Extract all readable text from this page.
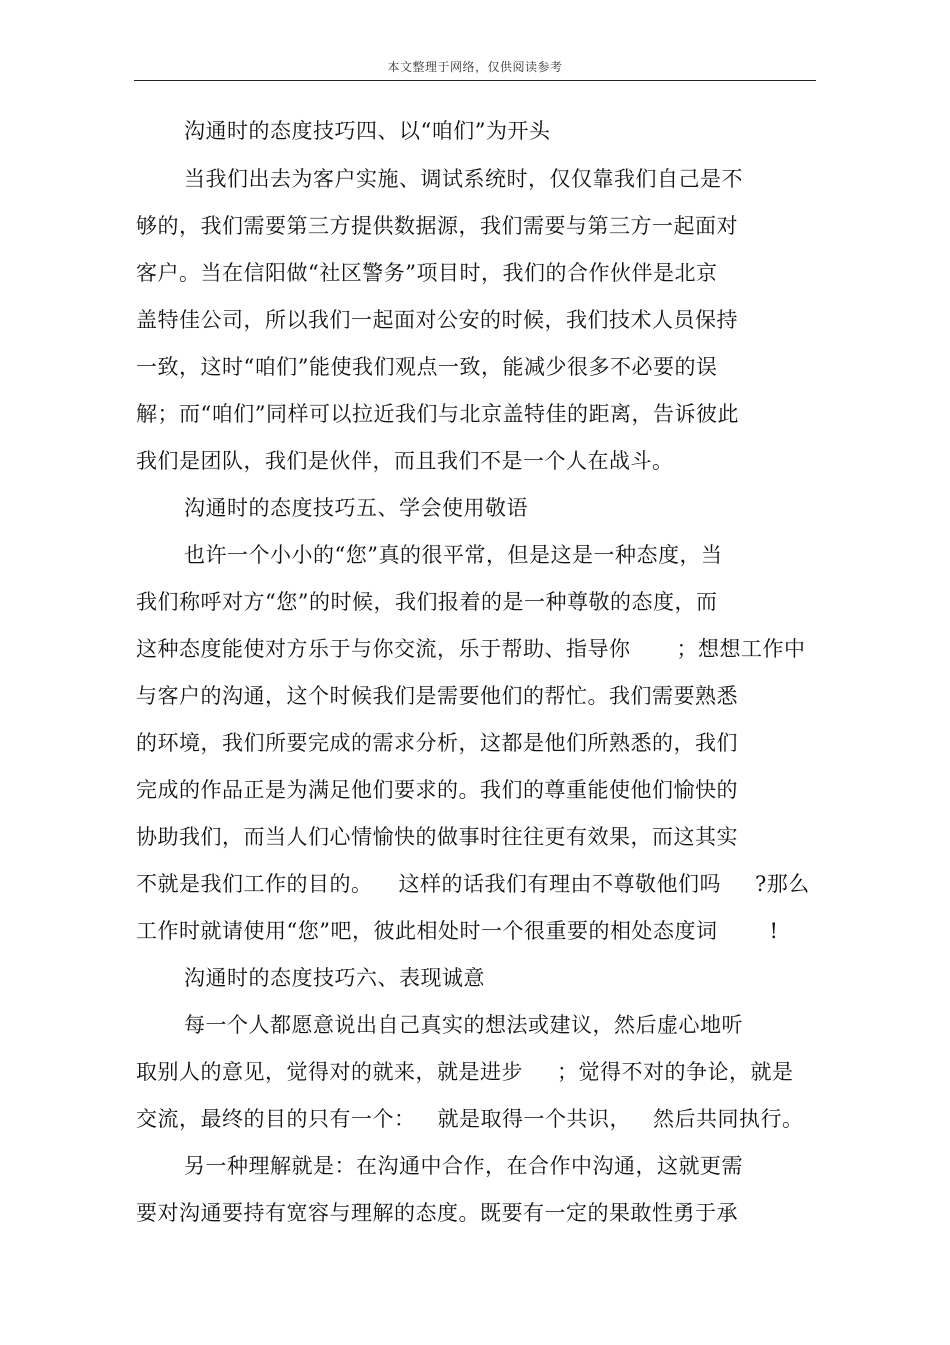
本文整理于网络，仅供阅读参考
沟通时的态度技巧四、以“咱们”为开头
当我们出去为客户实施、调试系统时，仅仅靠我们自己是不
够的，我们需要第三方提供数据源，我们需要与第三方一起面对
客户。当在信阳做“社区警务”项目时，我们的合作伙伴是北京
盖特佳公司，所以我们一起面对公安的时候，我们技术人员保持
一致，这时“咱们”能使我们观点一致，能减少很多不必要的误
解；而“咱们”同样可以拉近我们与北京盖特佳的距离，告诉彼此
我们是团队，我们是伙伴，而且我们不是一个人在战斗。
沟通时的态度技巧五、学会使用敬语
也许一个小小的“您”真的很平常，但是这是一种态度，当
我们称呼对方“您”的时候，我们报着的是一种尊敬的态度，而
这种态度能使对方乐于与你交流，乐于帮助、指导你 ；想想工作中
与客户的沟通，这个时候我们是需要他们的帮忙。我们需要熟悉
的环境，我们所要完成的需求分析，这都是他们所熟悉的，我们
完成的作品正是为满足他们要求的。我们的尊重能使他们愉快的
协助我们，而当人们心情愉快的做事时往往更有效果，而这其实
不就是我们工作的目的。 这样的话我们有理由不尊敬他们吗 ?那么
工作时就请使用“您”吧，彼此相处时一个很重要的相处态度词 !
沟通时的态度技巧六、表现诚意
每一个人都愿意说出自己真实的想法或建议，然后虚心地听
取别人的意见，觉得对的就来，就是进步 ；觉得不对的争论，就是
交流，最终的目的只有一个： 就是取得一个共识， 然后共同执行。
另一种理解就是：在沟通中合作，在合作中沟通，这就更需
要对沟通要持有宽容与理解的态度。既要有一定的果敢性勇于承
